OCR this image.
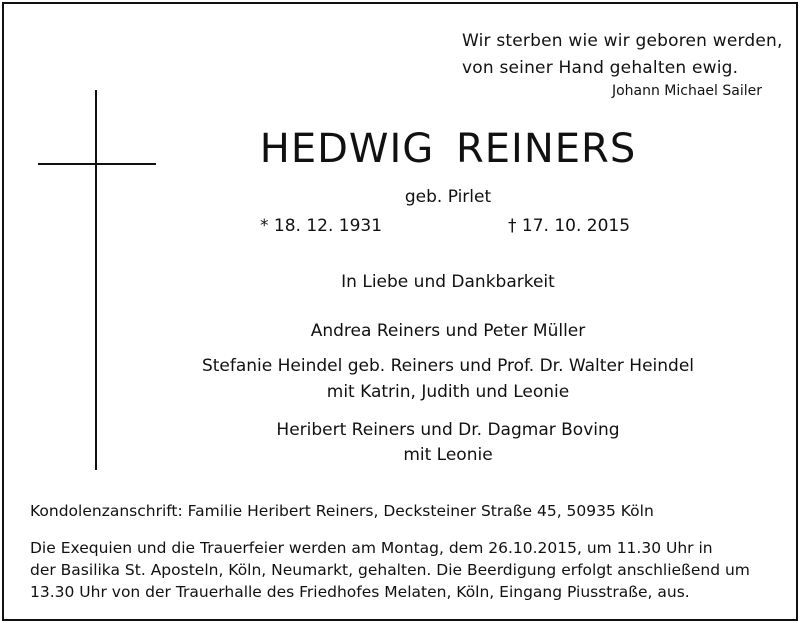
Wir sterben wie wir geboren werden,
von seiner Hand gehalten ewig.
Johann Michael Sailer
HEDWIG REINERS
geb. Pirlet
* 18. 12. 1931	† 17. 10. 2015
In Liebe und Dankbarkeit
Andrea Reiners und Peter Müller
Stefanie Heindel geb. Reiners und Prof. Dr. Walter Heindel
mit Katrin, Judith und Leonie
Heribert Reiners und Dr. Dagmar Boving
mit Leonie
Kondolenzanschrift: Familie Heribert Reiners, Decksteiner Straße 45, 50935 Köln
Die Exequien und die Trauerfeier werden am Montag, dem 26.10.2015, um 11.30 Uhr in
der Basilika St. Aposteln, Köln, Neumarkt, gehalten. Die Beerdigung erfolgt anschließend um
13.30 Uhr von der Trauerhalle des Friedhofes Melaten, Köln, Eingang Piusstraße, aus.
